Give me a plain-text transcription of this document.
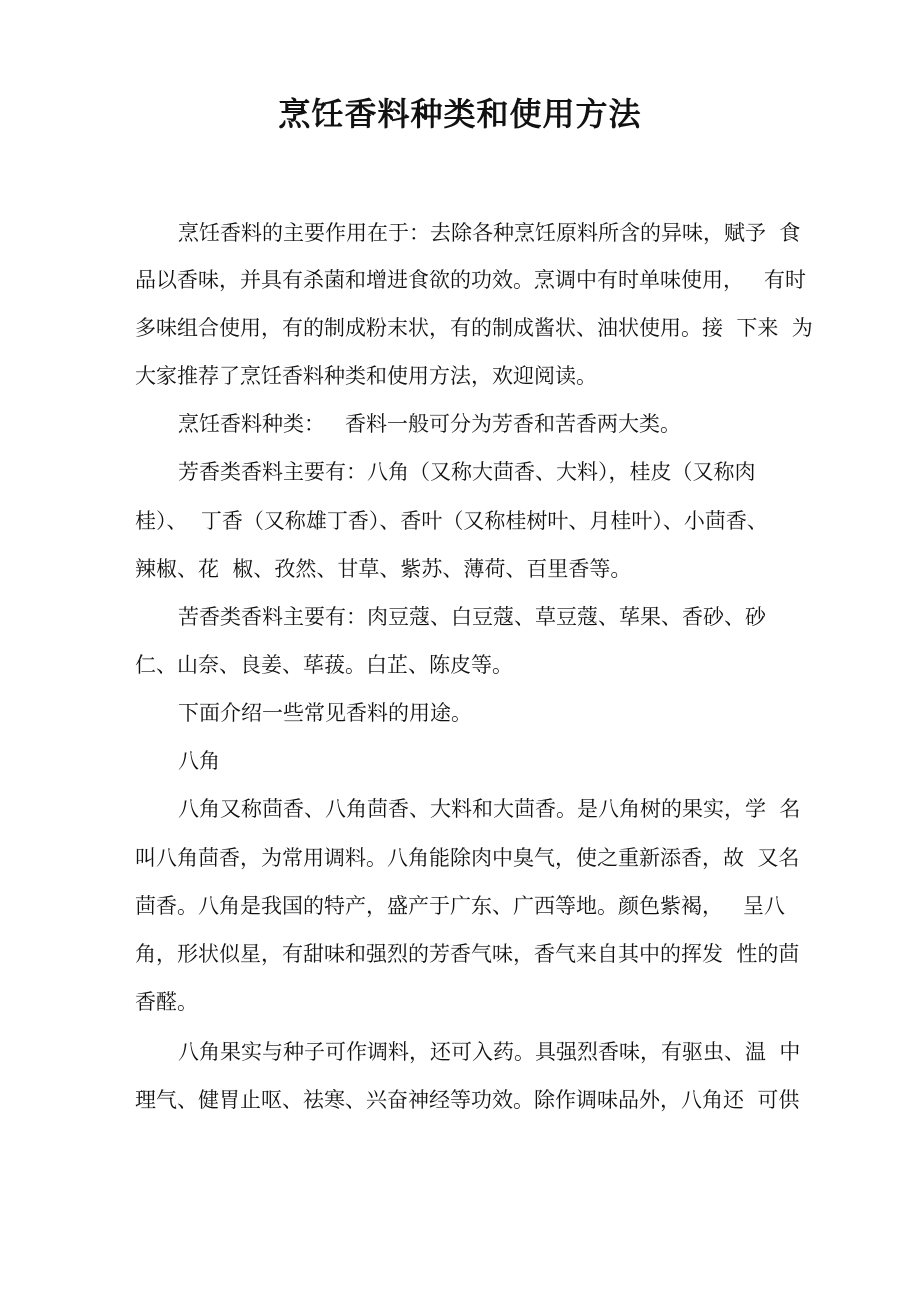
烹饪香料种类和使用方法
烹饪香料的主要作用在于：去除各种烹饪原料所含的异味，赋予  食
品以香味，并具有杀菌和增进食欲的功效。烹调中有时单味使用，   有时
多味组合使用，有的制成粉末状，有的制成酱状、油状使用。接  下来  为
大家推荐了烹饪香料种类和使用方法，欢迎阅读。
烹饪香料种类：   香料一般可分为芳香和苦香两大类。
芳香类香料主要有：八角（又称大茴香、大料），桂皮（又称肉
桂）、  丁香（又称雄丁香）、香叶（又称桂树叶、月桂叶）、小茴香、
辣椒、花  椒、孜然、甘草、紫苏、薄荷、百里香等。
苦香类香料主要有：肉豆蔻、白豆蔻、草豆蔻、荜果、香砂、砂
仁、山奈、良姜、荜菝。白芷、陈皮等。
下面介绍一些常见香料的用途。
八角
八角又称茴香、八角茴香、大料和大茴香。是八角树的果实，学  名
叫八角茴香，为常用调料。八角能除肉中臭气，使之重新添香，故  又名
茴香。八角是我国的特产，盛产于广东、广西等地。颜色紫褐，   呈八
角，形状似星，有甜味和强烈的芳香气味，香气来自其中的挥发  性的茴
香醛。
八角果实与种子可作调料，还可入药。具强烈香味，有驱虫、温  中
理气、健胃止呕、祛寒、兴奋神经等功效。除作调味品外，八角还  可供
